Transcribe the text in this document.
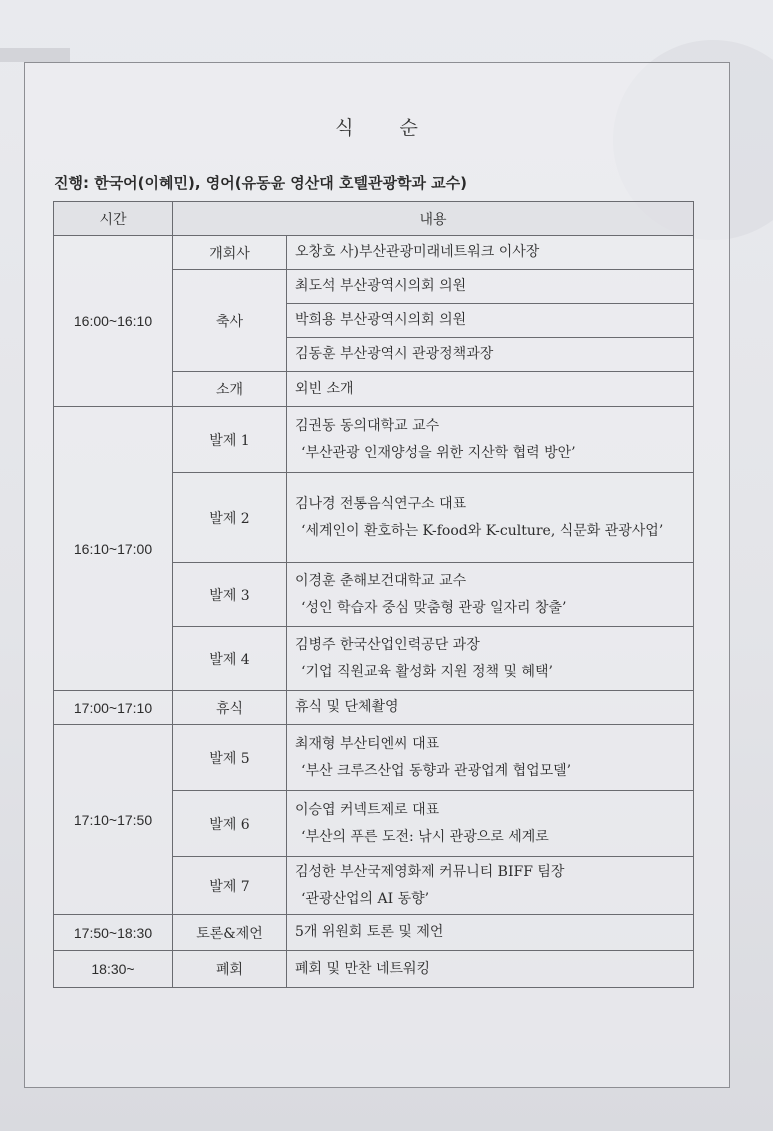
식 순
진행: 한국어(이혜민), 영어(유동윤 영산대 호텔관광학과 교수)
시간	내용	
16:00~16:10	개회사	오창호 사)부산관광미래네트워크 이사장
	축사	최도석 부산광역시의회 의원
		박희용 부산광역시의회 의원
		김동훈 부산광역시 관광정책과장
	소개	외빈 소개
16:10~17:00	발제 1	김권동 동의대학교 교수
‘부산관광 인재양성을 위한 지산학 협력 방안’

	발제 2	김나경 전통음식연구소 대표
‘세계인이 환호하는 K-food와 K-culture, 식문화 관광사업’

	발제 3	이경훈 춘해보건대학교 교수
‘성인 학습자 중심 맞춤형 관광 일자리 창출’

	발제 4	김병주 한국산업인력공단 과장
‘기업 직원교육 활성화 지원 정책 및 혜택’

17:00~17:10	휴식	휴식 및 단체촬영
17:10~17:50	발제 5	최재형 부산티엔씨 대표
‘부산 크루즈산업 동향과 관광업계 협업모델’

	발제 6	이승엽 커넥트제로 대표
‘부산의 푸른 도전: 낚시 관광으로 세계로

	발제 7	김성한 부산국제영화제 커뮤니티 BIFF 팀장
‘관광산업의 AI 동향’

17:50~18:30	토론&제언	5개 위원회 토론 및 제언
18:30~	폐회	폐회 및 만찬 네트워킹
